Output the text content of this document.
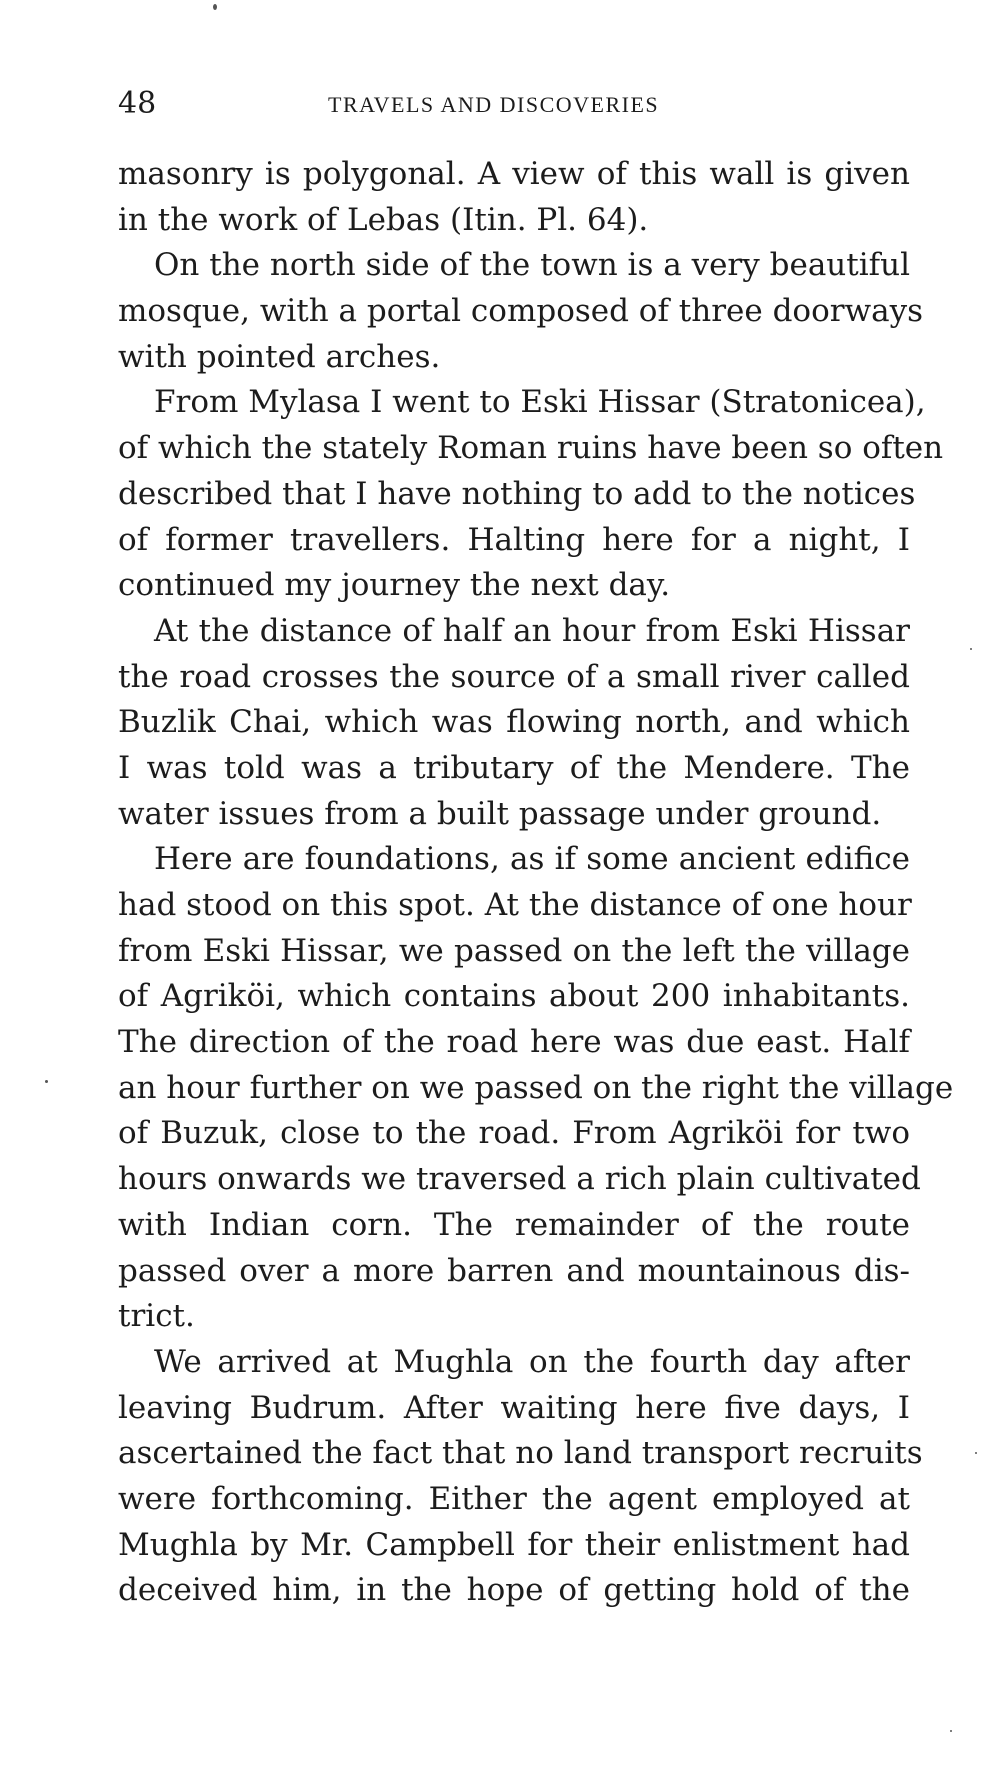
48	TRAVELS AND DISCOVERIES
masonry is polygonal. A view of this wall is given
in the work of Lebas (Itin. Pl. 64).
On the north side of the town is a very beautiful
mosque, with a portal composed of three doorways
with pointed arches.
From Mylasa I went to Eski Hissar (Stratonicea),
of which the stately Roman ruins have been so often
described that I have nothing to add to the notices
of former travellers. Halting here for a night, I
continued my journey the next day.
At the distance of half an hour from Eski Hissar
the road crosses the source of a small river called
Buzlik Chai, which was flowing north, and which
I was told was a tributary of the Mendere. The
water issues from a built passage under ground.
Here are foundations, as if some ancient edifice
had stood on this spot. At the distance of one hour
from Eski Hissar, we passed on the left the village
of Agriköi, which contains about 200 inhabitants.
The direction of the road here was due east. Half
an hour further on we passed on the right the village
of Buzuk, close to the road. From Agriköi for two
hours onwards we traversed a rich plain cultivated
with Indian corn. The remainder of the route
passed over a more barren and mountainous dis-
trict.
We arrived at Mughla on the fourth day after
leaving Budrum. After waiting here five days, I
ascertained the fact that no land transport recruits
were forthcoming. Either the agent employed at
Mughla by Mr. Campbell for their enlistment had
deceived him, in the hope of getting hold of the
